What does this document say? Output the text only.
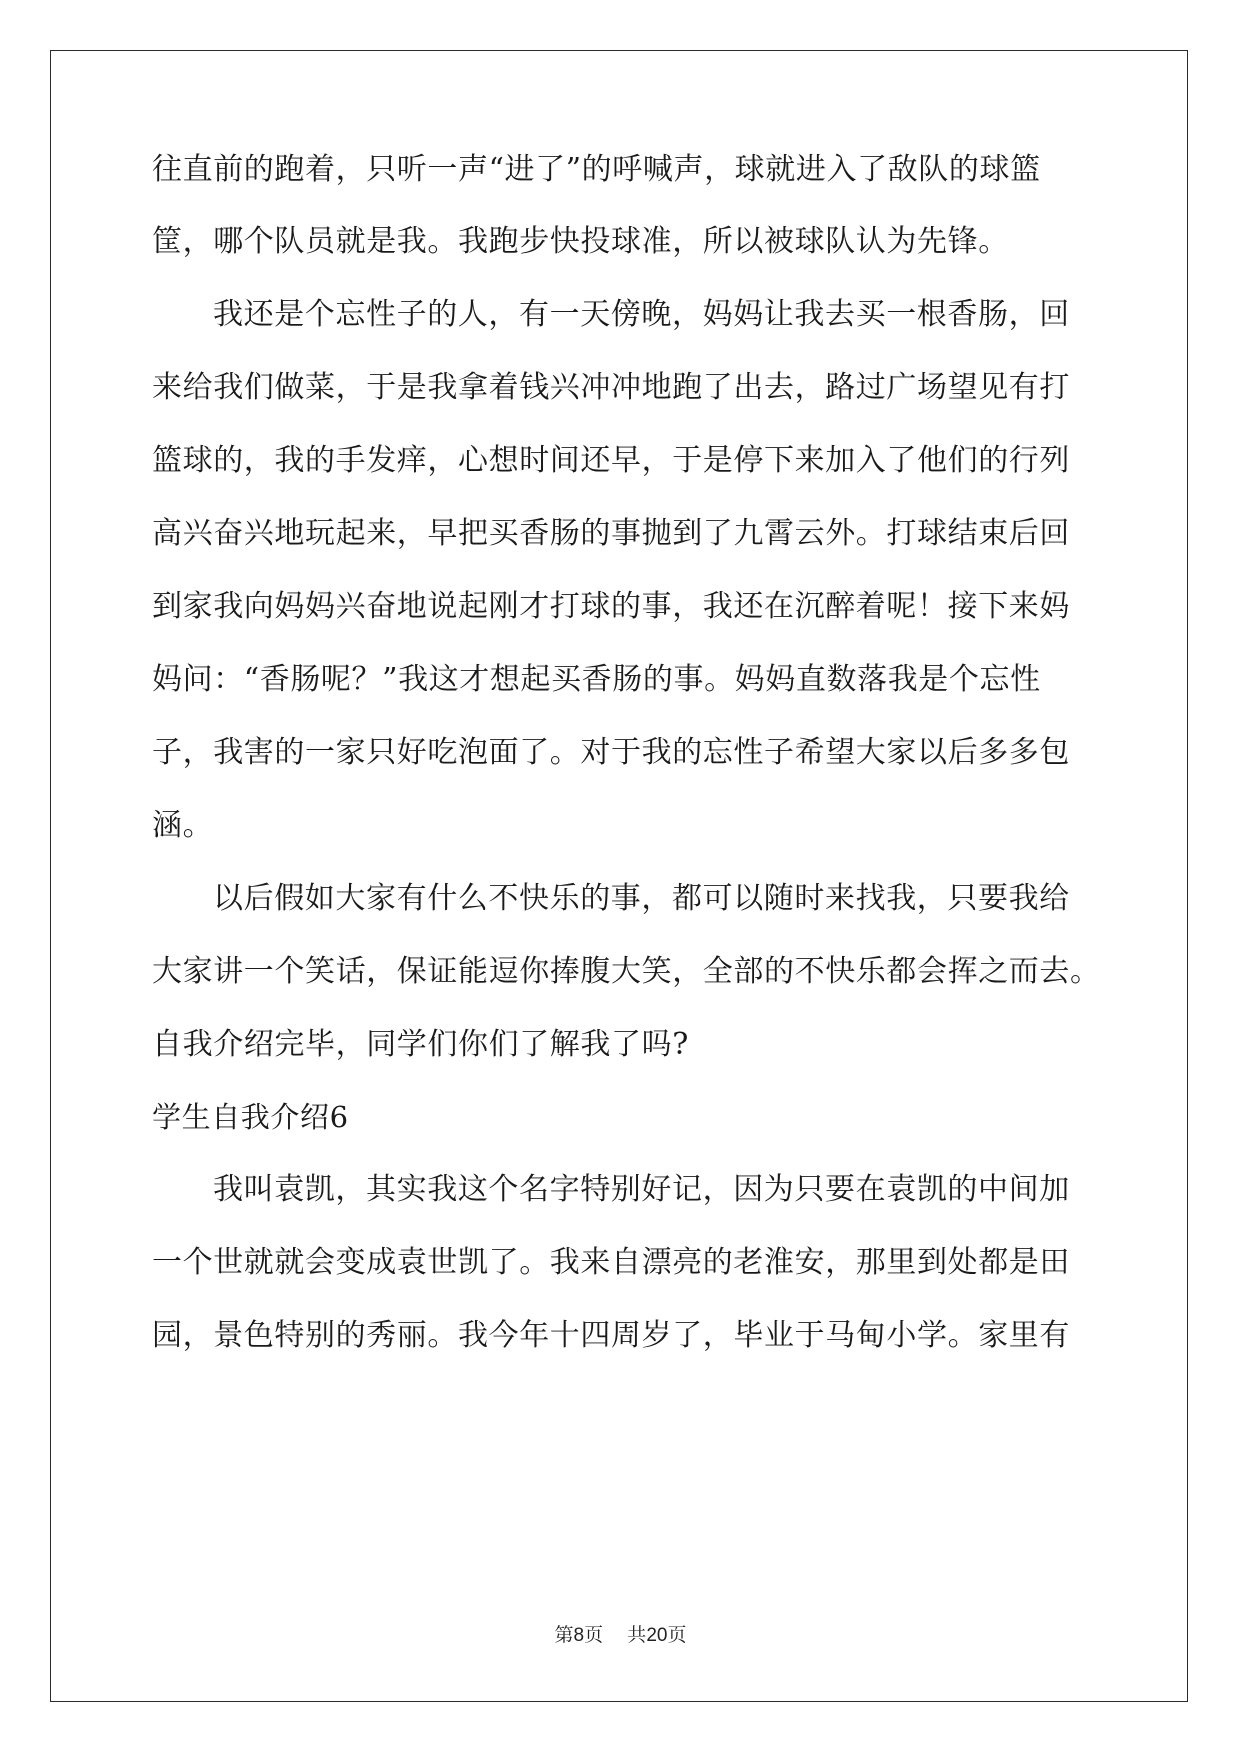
往直前的跑着，只听一声“进了”的呼喊声，球就进入了敌队的球篮
筐，哪个队员就是我。我跑步快投球准，所以被球队认为先锋。
我还是个忘性子的人，有一天傍晚，妈妈让我去买一根香肠，回
来给我们做菜，于是我拿着钱兴冲冲地跑了出去，路过广场望见有打
篮球的，我的手发痒，心想时间还早，于是停下来加入了他们的行列
高兴奋兴地玩起来，早把买香肠的事抛到了九霄云外。打球结束后回
到家我向妈妈兴奋地说起刚才打球的事，我还在沉醉着呢！接下来妈
妈问：“香肠呢？”我这才想起买香肠的事。妈妈直数落我是个忘性
子，我害的一家只好吃泡面了。对于我的忘性子希望大家以后多多包
涵。
以后假如大家有什么不快乐的事，都可以随时来找我，只要我给
大家讲一个笑话，保证能逗你捧腹大笑，全部的不快乐都会挥之而去。
自我介绍完毕，同学们你们了解我了吗?
学生自我介绍6
我叫袁凯，其实我这个名字特别好记，因为只要在袁凯的中间加
一个世就就会变成袁世凯了。我来自漂亮的老淮安，那里到处都是田
园，景色特别的秀丽。我今年十四周岁了，毕业于马甸小学。家里有
第8页 共20页
